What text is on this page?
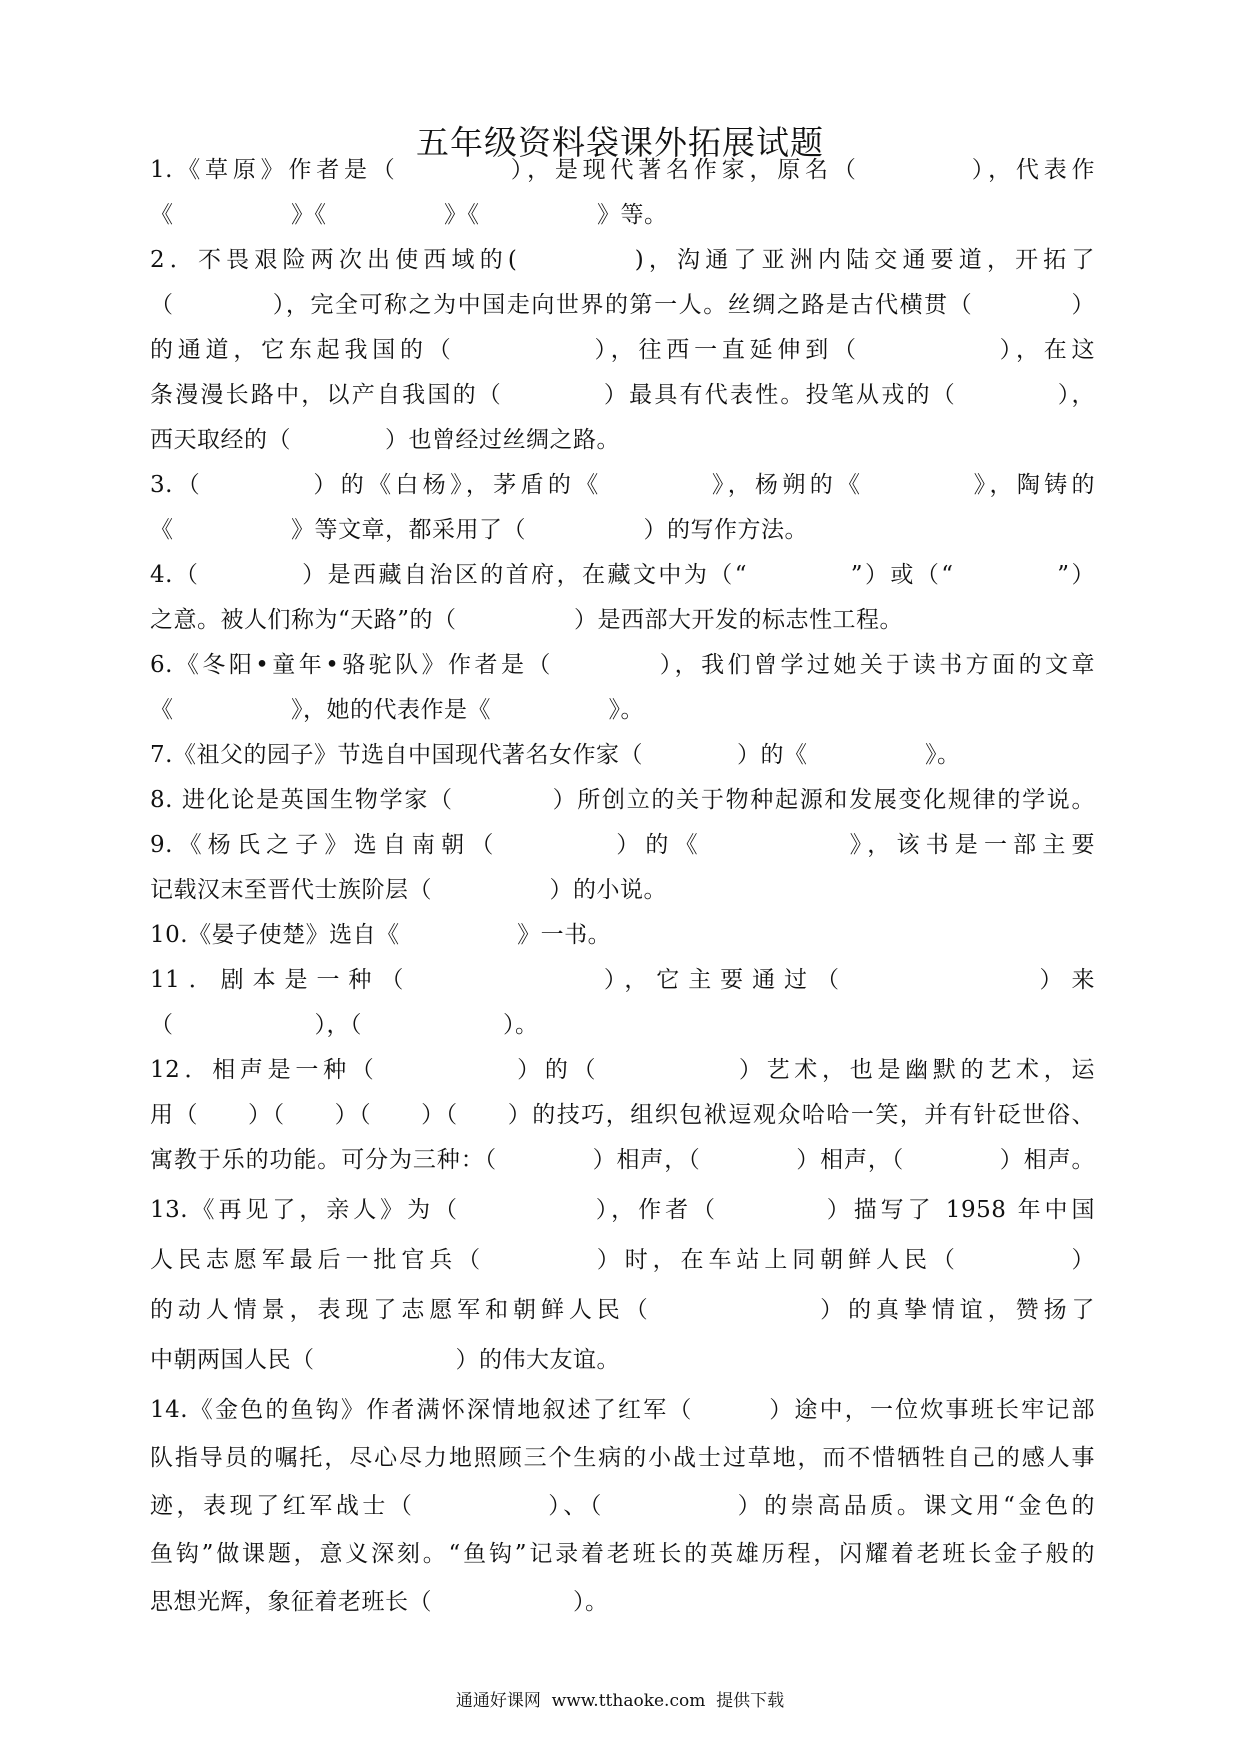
五年级资料袋课外拓展试题
1.《草原》作者是（　　　　），是现代著名作家，原名（　　　　），代表作
《　　　　　》《　　　　　》《　　　　　》等。
2．不畏艰险两次出使西域的(　　　　)，沟通了亚洲内陆交通要道，开拓了
（　　　　），完全可称之为中国走向世界的第一人。丝绸之路是古代横贯（　　　　）
的通道，它东起我国的（　　　　　），往西一直延伸到（　　　　　），在这
条漫漫长路中，以产自我国的（　　　　）最具有代表性。投笔从戎的（　　　　），
西天取经的（　　　　）也曾经过丝绸之路。
3.（　　　　）的《白杨》，茅盾的《　　　　》，杨朔的《　　　　》，陶铸的
《　　　　　》等文章，都采用了（　　　　　）的写作方法。
4.（　　　　）是西藏自治区的首府，在藏文中为（“　　　　”）或（“　　　　”）
之意。被人们称为“天路”的（　　　　　）是西部大开发的标志性工程。
6.《冬阳•童年•骆驼队》作者是（　　　　），我们曾学过她关于读书方面的文章
《　　　　　》，她的代表作是《　　　　　》。
7.《祖父的园子》节选自中国现代著名女作家（　　　　）的《　　　　　》。
8. 进化论是英国生物学家（　　　　）所创立的关于物种起源和发展变化规律的学说。
9.《杨氏之子》选自南朝（　　　　）的《　　　　　》，该书是一部主要
记载汉末至晋代士族阶层（　　　　　）的小说。
10.《晏子使楚》选自《　　　　　》一书。
11．剧本是一种（　　　　　　），它主要通过（　　　　　　）来
（　　　　　　），（　　　　　　）。
12．相声是一种（　　　　　）的（　　　　　）艺术，也是幽默的艺术，运
用（　　）（　　）（　　）（　　）的技巧，组织包袱逗观众哈哈一笑，并有针砭世俗、
寓教于乐的功能。可分为三种：（　　　　）相声，（　　　　）相声，（　　　　）相声。
13.《再见了，亲人》为（　　　　　），作者（　　　　）描写了 1958 年中国
人民志愿军最后一批官兵（　　　　）时，在车站上同朝鲜人民（　　　　）
的动人情景，表现了志愿军和朝鲜人民（　　　　　　）的真挚情谊，赞扬了
中朝两国人民（　　　　　　）的伟大友谊。
14.《金色的鱼钩》作者满怀深情地叙述了红军（　　　）途中，一位炊事班长牢记部
队指导员的嘱托，尽心尽力地照顾三个生病的小战士过草地，而不惜牺牲自己的感人事
迹，表现了红军战士（　　　　　）、（　　　　　）的崇高品质。课文用“金色的
鱼钩”做课题，意义深刻。“鱼钩”记录着老班长的英雄历程，闪耀着老班长金子般的
思想光辉，象征着老班长（　　　　　　）。
通通好课网  www.tthaoke.com  提供下载
